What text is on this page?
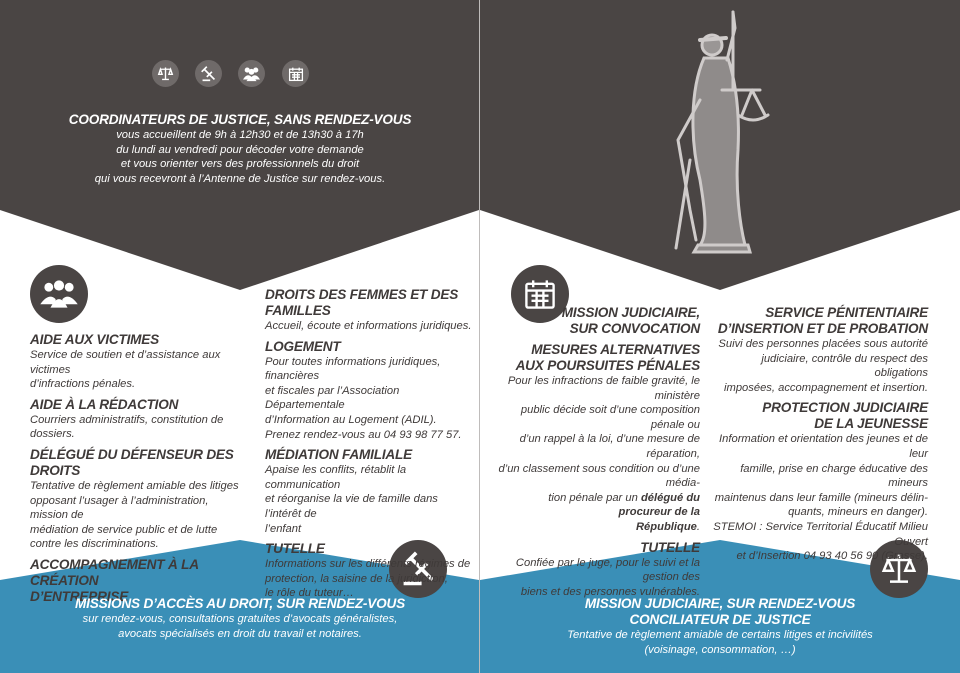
COORDINATEURS DE JUSTICE, SANS RENDEZ-VOUS

vous accueillent de 9h à 12h30 et de 13h30 à 17h

du lundi au vendredi pour décoder votre demande

et vous orienter vers des professionnels du droit

qui vous recevront à l’Antenne de Justice sur rendez-vous.

AIDE AUX VICTIMES

Service de soutien et d’assistance aux victimes

d’infractions pénales.

AIDE À LA RÉDACTION

Courriers administratifs, constitution de dossiers.

DÉLÉGUÉ DU DÉFENSEUR DES DROITS

Tentative de règlement amiable des litiges

opposant l’usager à l’administration, mission de

médiation de service public et de lutte

contre les discriminations.

ACCOMPAGNEMENT À LA CRÉATION
D’ENTREPRISE
DROITS DES FEMMES ET DES FAMILLES

Accueil, écoute et informations juridiques.

LOGEMENT

Pour toutes informations juridiques, financières

et fiscales par l’Association Départementale

d’Information au Logement (ADIL).

Prenez rendez-vous au 04 93 98 77 57.

MÉDIATION FAMILIALE

Apaise les conflits, rétablit la communication

et réorganise la vie de famille dans l’intérêt de

l’enfant

TUTELLE

Informations sur les différents régimes de

protection, la saisine de la juridiction,

le rôle du tuteur…

MISSIONS D’ACCÈS AU DROIT, SUR RENDEZ-VOUS

sur rendez-vous, consultations gratuites d’avocats généralistes,

avocats spécialisés en droit du travail et notaires.

MISSION JUDICIAIRE,
SUR CONVOCATION
MESURES ALTERNATIVES
AUX POURSUITES PÉNALES

Pour les infractions de faible gravité, le ministère

public décide soit d’une composition pénale ou

d’un rappel à la loi, d’une mesure de réparation,

d’un classement sous condition ou d’une média-

tion pénale par un délégué du procureur de la

République.

TUTELLE

Confiée par le juge, pour le suivi et la gestion des

biens et des personnes vulnérables.

SERVICE PÉNITENTIAIRE
D’INSERTION ET DE PROBATION

Suivi des personnes placées sous autorité

judiciaire, contrôle du respect des obligations

imposées, accompagnement et insertion.

PROTECTION JUDICIAIRE
DE LA JEUNESSE

Information et orientation des jeunes et de leur

famille, prise en charge éducative des mineurs

maintenus dans leur famille (mineurs délin-

quants, mineurs en danger).

STEMOI : Service Territorial Éducatif Milieu Ouvert

et d’Insertion 04 93 40 56 90 (Grasse).

MISSION JUDICIAIRE, SUR RENDEZ-VOUS
CONCILIATEUR DE JUSTICE

Tentative de règlement amiable de certains litiges et incivilités

(voisinage, consommation, …)
